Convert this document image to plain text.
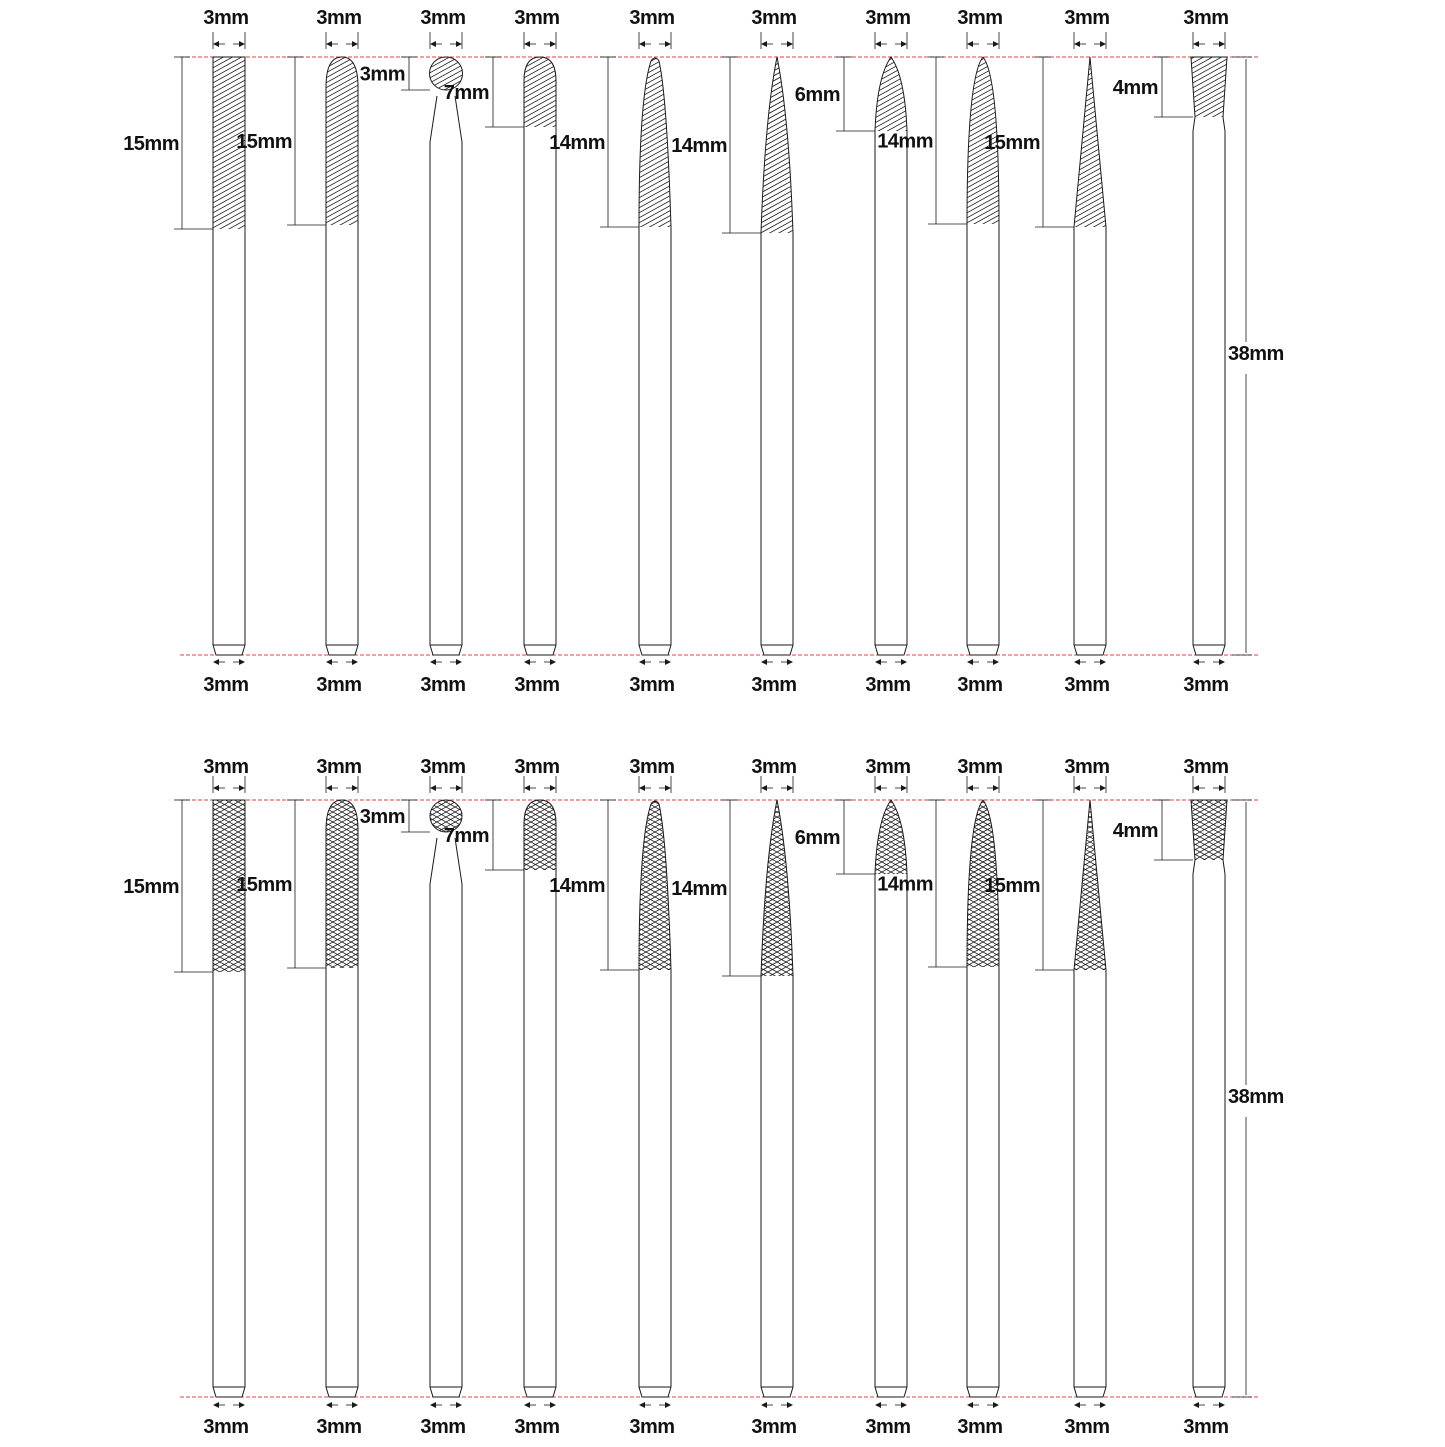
3mm
3mm
15mm
3mm
3mm
15mm
3mm
3mm
3mm
3mm
3mm
7mm
3mm
3mm
14mm
3mm
3mm
14mm
3mm
3mm
6mm
3mm
3mm
14mm
3mm
3mm
15mm
3mm
3mm
4mm
38mm
3mm
3mm
15mm
3mm
3mm
15mm
3mm
3mm
3mm
3mm
3mm
7mm
3mm
3mm
14mm
3mm
3mm
14mm
3mm
3mm
6mm
3mm
3mm
14mm
3mm
3mm
15mm
3mm
3mm
4mm
38mm
